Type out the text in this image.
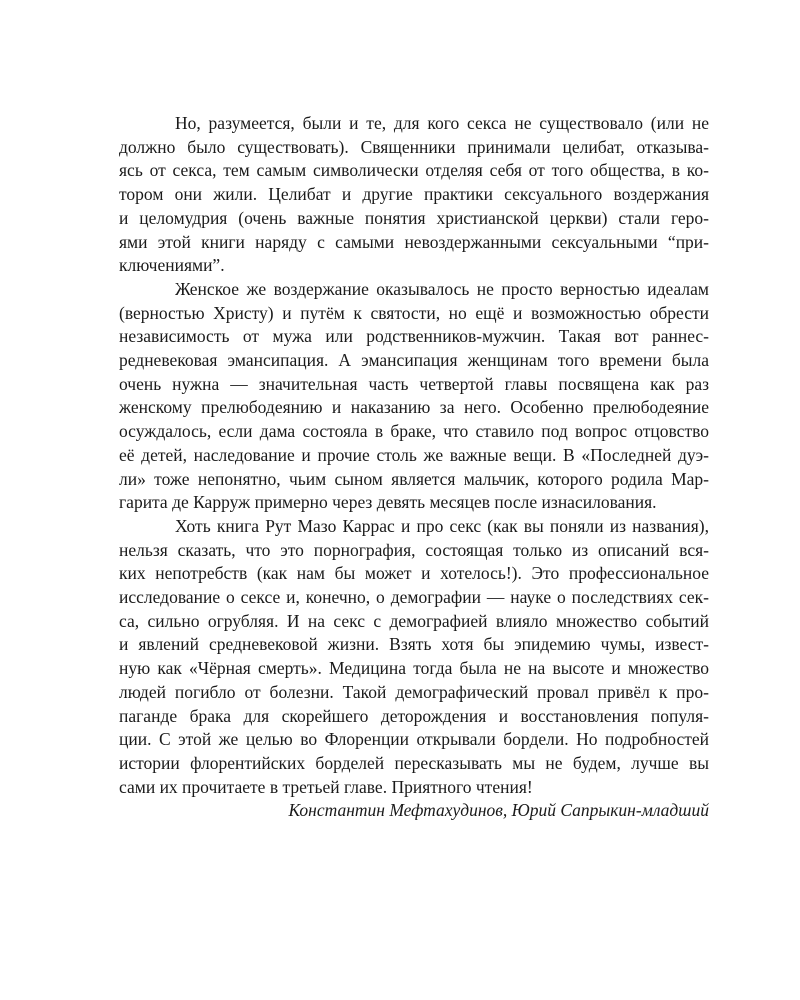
Но, разумеется, были и те, для кого секса не существовало (или не
должно было существовать). Священники принимали целибат, отказыва-
ясь от секса, тем самым символически отделяя себя от того общества, в ко-
тором они жили. Целибат и другие практики сексуального воздержания
и целомудрия (очень важные понятия христианской церкви) стали геро-
ями этой книги наряду с самыми невоздержанными сексуальными “при-
ключениями”.

Женское же воздержание оказывалось не просто верностью идеалам
(верностью Христу) и путём к святости, но ещё и возможностью обрести
независимость от мужа или родственников-мужчин. Такая вот раннес-
редневековая эмансипация. А эмансипация женщинам того времени была
очень нужна — значительная часть четвертой главы посвящена как раз
женскому прелюбодеянию и наказанию за него. Особенно прелюбодеяние
осуждалось, если дама состояла в браке, что ставило под вопрос отцовство
её детей, наследование и прочие столь же важные вещи. В «Последней дуэ-
ли» тоже непонятно, чьим сыном является мальчик, которого родила Мар-
гарита де Карруж примерно через девять месяцев после изнасилования.

Хоть книга Рут Мазо Каррас и про секс (как вы поняли из названия),
нельзя сказать, что это порнография, состоящая только из описаний вся-
ких непотребств (как нам бы может и хотелось!). Это профессиональное
исследование о сексе и, конечно, о демографии — науке о последствиях сек-
са, сильно огрубляя. И на секс с демографией влияло множество событий
и явлений средневековой жизни. Взять хотя бы эпидемию чумы, извест-
ную как «Чёрная смерть». Медицина тогда была не на высоте и множество
людей погибло от болезни. Такой демографический провал привёл к про-
паганде брака для скорейшего деторождения и восстановления популя-
ции. С этой же целью во Флоренции открывали бордели. Но подробностей
истории флорентийских борделей пересказывать мы не будем, лучше вы
сами их прочитаете в третьей главе. Приятного чтения!

Константин Мефтахудинов, Юрий Сапрыкин-младший
